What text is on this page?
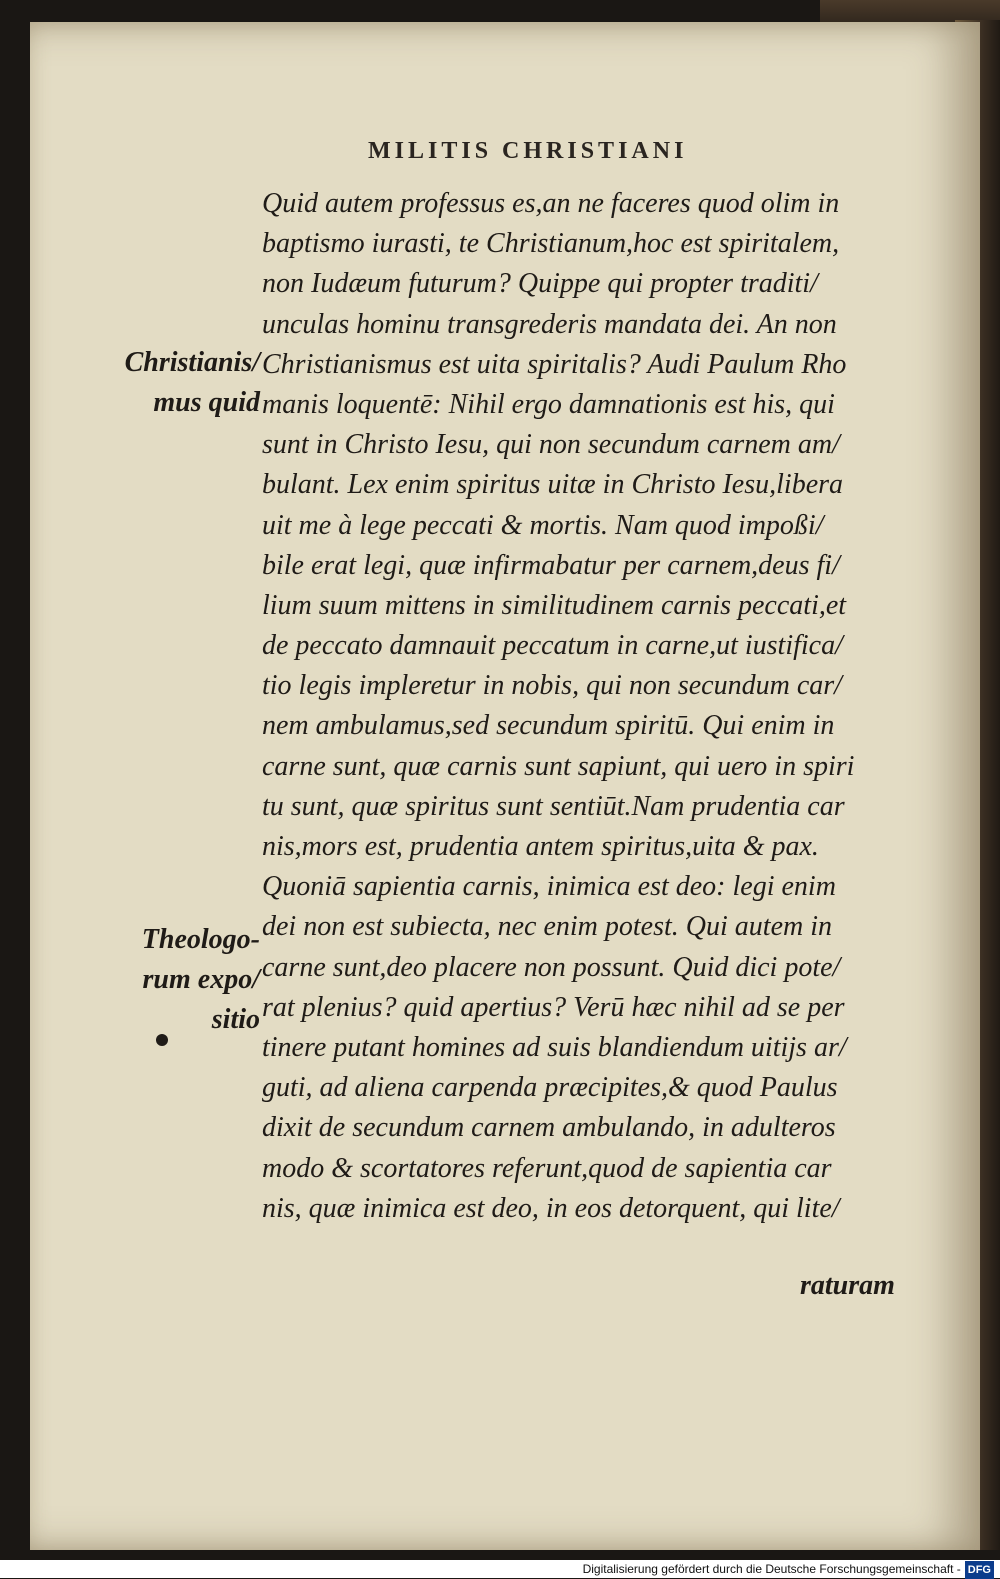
MILITIS CHRISTIANI
Christianis/ mus quid
Theologo- rum expo/ sitio
Quid autem professus es,an ne faceres quod olim in
baptismo iurasti, te Christianum,hoc est spiritalem,
non Iudæum futurum? Quippe qui propter traditi/
unculas hominu transgrederis mandata dei. An non
Christianismus est uita spiritalis? Audi Paulum Rho
manis loquentē: Nihil ergo damnationis est his, qui
sunt in Christo Iesu, qui non secundum carnem am/
bulant. Lex enim spiritus uitæ in Christo Iesu,libera
uit me à lege peccati & mortis. Nam quod impoßi/
bile erat legi, quæ infirmabatur per carnem,deus fi/
lium suum mittens in similitudinem carnis peccati,et
de peccato damnauit peccatum in carne,ut iustifica/
tio legis impleretur in nobis, qui non secundum car/
nem ambulamus,sed secundum spiritū. Qui enim in
carne sunt, quæ carnis sunt sapiunt, qui uero in spiri
tu sunt, quæ spiritus sunt sentiūt.Nam prudentia car
nis,mors est, prudentia antem spiritus,uita & pax.
Quoniā sapientia carnis, inimica est deo: legi enim
dei non est subiecta, nec enim potest. Qui autem in
carne sunt,deo placere non possunt. Quid dici pote/
rat plenius? quid apertius? Verū hæc nihil ad se per
tinere putant homines ad suis blandiendum uitijs ar/
guti, ad aliena carpenda præcipites,& quod Paulus
dixit de secundum carnem ambulando, in adulteros
modo & scortatores referunt,quod de sapientia car
nis, quæ inimica est deo, in eos detorquent, qui lite/
raturam
Digitalisierung gefördert durch die Deutsche Forschungsgemeinschaft - DFG
